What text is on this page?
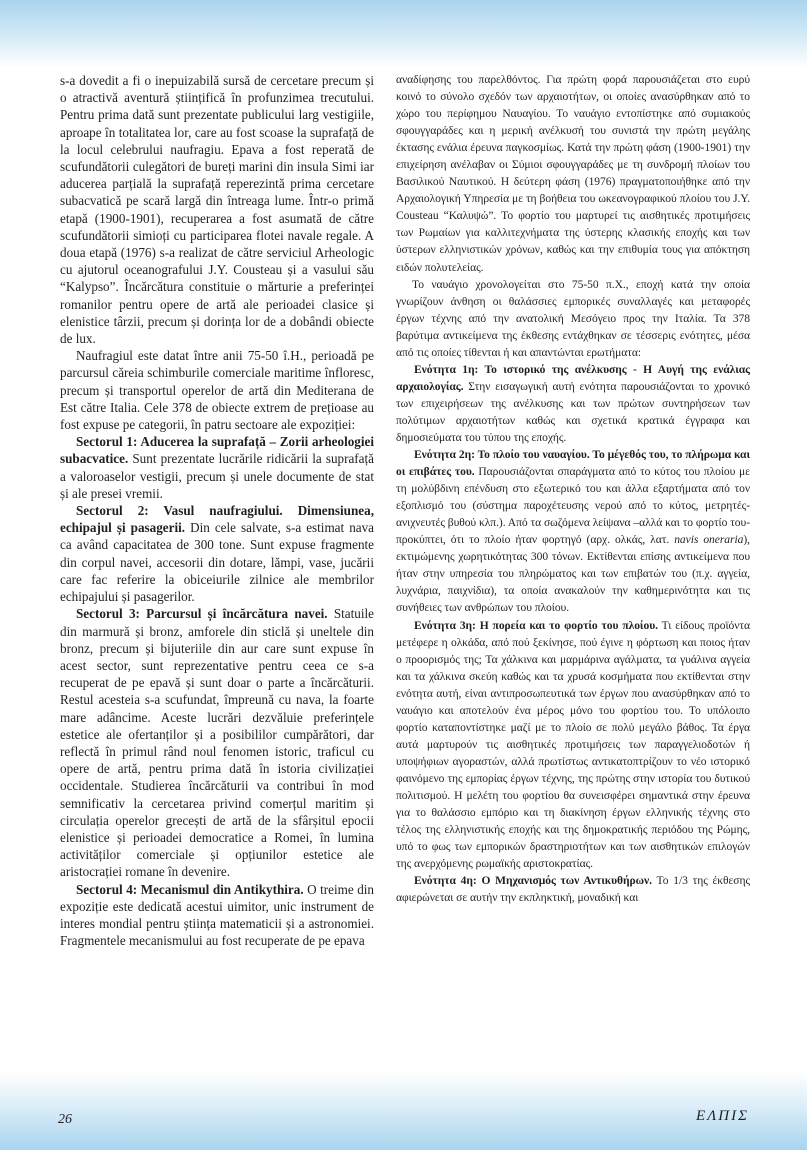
s-a dovedit a fi o inepuizabilă sursă de cercetare precum și o atractivă aventură științifică în profunzimea trecutului. Pentru prima dată sunt prezentate publicului larg vestigiile, aproape în totalitatea lor, care au fost scoase la suprafață de la locul celebrului naufragiu. Epava a fost reperată de scufundătorii culegători de bureți marini din insula Simi iar aducerea parțială la suprafață reperezintă prima cercetare subacvatică pe scară largă din întreaga lume. Într-o primă etapă (1900-1901), recuperarea a fost asumată de către scufundătorii simioți cu participarea flotei navale regale. A doua etapă (1976) s-a realizat de către serviciul Arheologic cu ajutorul oceanografului J.Y. Cousteau și a vasului său “Kalypso”. Încărcătura constituie o mărturie a preferinței romanilor pentru opere de artă ale perioadei clasice și elenistice târzii, precum și dorința lor de a dobândi obiecte de lux.

Naufragiul este datat între anii 75-50 î.H., perioadă pe parcursul căreia schimburile comerciale maritime înfloresc, precum și transportul operelor de artă din Mediterana de Est către Italia. Cele 378 de obiecte extrem de prețioase au fost expuse pe categorii, în patru sectoare ale expoziției:

Sectorul 1: Aducerea la suprafață – Zorii arheologiei subacvatice. Sunt prezentate lucrările ridicării la suprafață a valoroaselor vestigii, precum și unele documente de stat și ale presei vremii.

Sectorul 2: Vasul naufragiului. Dimensiunea, echipajul și pasagerii. Din cele salvate, s-a estimat nava ca având capacitatea de 300 tone. Sunt expuse fragmente din corpul navei, accesorii din dotare, lămpi, vase, jucării care fac referire la obiceiurile zilnice ale membrilor echipajului și pasagerilor.

Sectorul 3: Parcursul și încărcătura navei. Statuile din marmură și bronz, amforele din sticlă și uneltele din bronz, precum și bijuteriile din aur care sunt expuse în acest sector, sunt reprezentative pentru ceea ce s-a recuperat de pe epavă și sunt doar o parte a încărcăturii. Restul acesteia s-a scufundat, împreună cu nava, la foarte mare adâncime. Aceste lucrări dezvăluie preferințele estetice ale ofertanților și a posibililor cumpărători, dar reflectă în primul rând noul fenomen istoric, traficul cu opere de artă, pentru prima dată în istoria civilizației occidentale. Studierea încărcăturii va contribui în mod semnificativ la cercetarea privind comerțul maritim și circulația operelor grecești de artă de la sfârșitul epocii elenistice și perioadei democratice a Romei, în lumina activităților comerciale și opțiunilor estetice ale aristocrației romane în devenire.

Sectorul 4: Mecanismul din Antikythira. O treime din expoziție este dedicată acestui uimitor, unic instrument de interes mondial pentru știința matematicii și a astronomiei. Fragmentele mecanismului au fost recuperate de pe epava

αναδίφησης του παρελθόντος. Για πρώτη φορά παρουσιάζεται στο ευρύ κοινό το σύνολο σχεδόν των αρχαιοτήτων, οι οποίες ανασύρθηκαν από το χώρο του περίφημου Ναυαγίου. Το ναυάγιο εντοπίστηκε από συμιακούς σφουγγαράδες και η μερική ανέλκυσή του συνιστά την πρώτη μεγάλης έκτασης ενάλια έρευνα παγκοσμίως. Κατά την πρώτη φάση (1900-1901) την επιχείρηση ανέλαβαν οι Σύμιοι σφουγγαράδες με τη συνδρομή πλοίων του Βασιλικού Ναυτικού. Η δεύτερη φάση (1976) πραγματοποιήθηκε από την Αρχαιολογική Υπηρεσία με τη βοήθεια του ωκεανογραφικού πλοίου του J.Y. Cousteau “Καλυψώ”. Το φορτίο του μαρτυρεί τις αισθητικές προτιμήσεις των Ρωμαίων για καλλιτεχνήματα της ύστερης κλασικής εποχής και των ύστερων ελληνιστικών χρόνων, καθώς και την επιθυμία τους για απόκτηση ειδών πολυτελείας.

Το ναυάγιο χρονολογείται στο 75-50 π.Χ., εποχή κατά την οποία γνωρίζουν άνθηση οι θαλάσσιες εμπορικές συναλλαγές και μεταφορές έργων τέχνης από την ανατολική Μεσόγειο προς την Ιταλία. Τα 378 βαρύτιμα αντικείμενα της έκθεσης εντάχθηκαν σε τέσσερις ενότητες, μέσα από τις οποίες τίθενται ή και απαντώνται ερωτήματα:

Ενότητα 1η: Το ιστορικό της ανέλκυσης - Η Αυγή της ενάλιας αρχαιολογίας. Στην εισαγωγική αυτή ενότητα παρουσιάζονται το χρονικό των επιχειρήσεων της ανέλκυσης και των πρώτων συντηρήσεων των πολύτιμων αρχαιοτήτων καθώς και σχετικά κρατικά έγγραφα και δημοσιεύματα του τύπου της εποχής.

Ενότητα 2η: Το πλοίο του ναυαγίου. Το μέγεθός του, το πλήρωμα και οι επιβάτες του. Παρουσιάζονται σπαράγματα από το κύτος του πλοίου με τη μολύβδινη επένδυση στο εξωτερικό του και άλλα εξαρτήματα από τον εξοπλισμό του (σύστημα παροχέτευσης νερού από το κύτος, μετρητές- ανιχνευτές βυθού κλπ.). Από τα σωζόμενα λείψανα –αλλά και το φορτίο του- προκύπτει, ότι το πλοίο ήταν φορτηγό (αρχ. ολκάς, λατ. navis oneraria), εκτιμώμενης χωρητικότητας 300 τόνων. Εκτίθενται επίσης αντικείμενα που ήταν στην υπηρεσία του πληρώματος και των επιβατών του (π.χ. αγγεία, λυχνάρια, παιχνίδια), τα οποία ανακαλούν την καθημερινότητα και τις συνήθειες των ανθρώπων του πλοίου.

Ενότητα 3η: Η πορεία και το φορτίο του πλοίου. Τι είδους προϊόντα μετέφερε η ολκάδα, από πού ξεκίνησε, πού έγινε η φόρτωση και ποιος ήταν ο προορισμός της; Τα χάλκινα και μαρμάρινα αγάλματα, τα γυάλινα αγγεία και τα χάλκινα σκεύη καθώς και τα χρυσά κοσμήματα που εκτίθενται στην ενότητα αυτή, είναι αντιπροσωπευτικά των έργων που ανασύρθηκαν από το ναυάγιο και αποτελούν ένα μέρος μόνο του φορτίου του. Το υπόλοιπο φορτίο καταποντίστηκε μαζί με το πλοίο σε πολύ μεγάλο βάθος. Τα έργα αυτά μαρτυρούν τις αισθητικές προτιμήσεις των παραγγελιοδοτών ή υποψήφιων αγοραστών, αλλά πρωτίστως αντικατοπτρίζουν το νέο ιστορικό φαινόμενο της εμπορίας έργων τέχνης, της πρώτης στην ιστορία του δυτικού πολιτισμού. Η μελέτη του φορτίου θα συνεισφέρει σημαντικά στην έρευνα για το θαλάσσιο εμπόριο και τη διακίνηση έργων ελληνικής τέχνης στο τέλος της ελληνιστικής εποχής και της δημοκρατικής περιόδου της Ρώμης, υπό το φως των εμπορικών δραστηριοτήτων και των αισθητικών επιλογών της ανερχόμενης ρωμαϊκής αριστοκρατίας.

Ενότητα 4η: Ο Μηχανισμός των Αντικυθήρων. Το 1/3 της έκθεσης αφιερώνεται σε αυτήν την εκπληκτική, μοναδική και

26	ΕΛΠΙΣ
